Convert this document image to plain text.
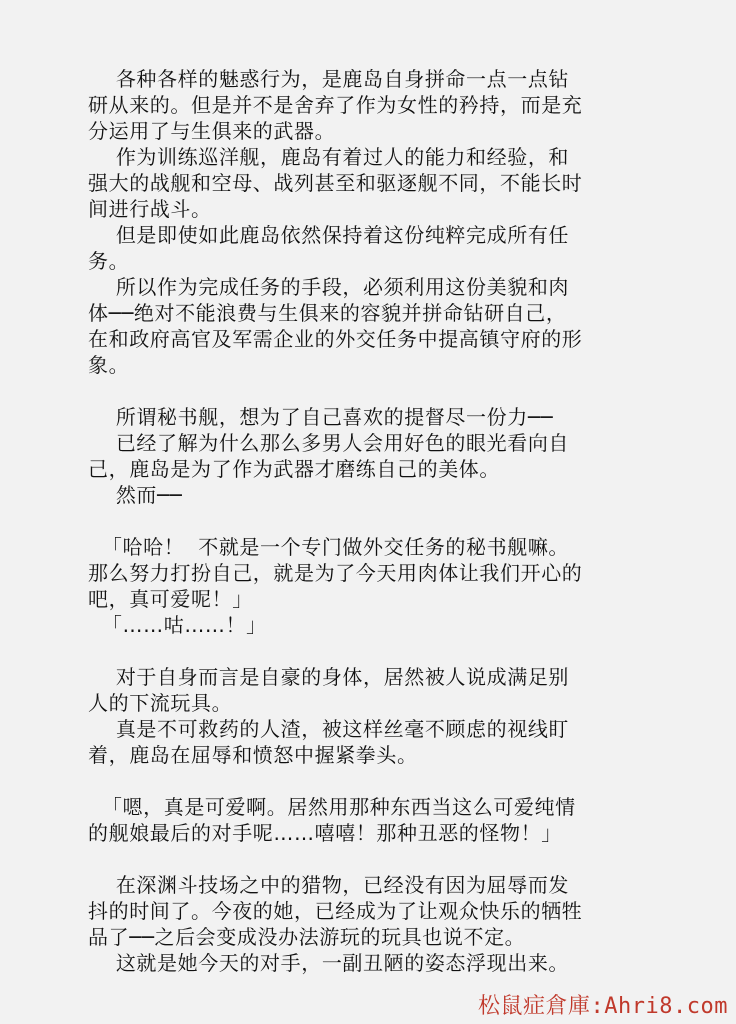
各种各样的魅惑行为，是鹿岛自身拼命一点一点钻
研从来的。但是并不是舍弃了作为女性的矜持，而是充
分运用了与生俱来的武器。
作为训练巡洋舰，鹿岛有着过人的能力和经验，和
强大的战舰和空母、战列甚至和驱逐舰不同，不能长时
间进行战斗。
但是即使如此鹿岛依然保持着这份纯粹完成所有任
务。
所以作为完成任务的手段，必须利用这份美貌和肉
体──绝对不能浪费与生俱来的容貌并拼命钻研自己，
在和政府高官及军需企业的外交任务中提高镇守府的形
象。
所谓秘书舰，想为了自己喜欢的提督尽一份力──
已经了解为什么那么多男人会用好色的眼光看向自
己，鹿岛是为了作为武器才磨练自己的美体。
然而──
「哈哈！  不就是一个专门做外交任务的秘书舰嘛。
那么努力打扮自己，就是为了今天用肉体让我们开心的
吧，真可爱呢！」
「……咕……！」
对于自身而言是自豪的身体，居然被人说成满足别
人的下流玩具。
真是不可救药的人渣，被这样丝毫不顾虑的视线盯
着，鹿岛在屈辱和愤怒中握紧拳头。
「嗯，真是可爱啊。居然用那种东西当这么可爱纯情
的舰娘最后的对手呢……嘻嘻！那种丑恶的怪物！」
在深渊斗技场之中的猎物，已经没有因为屈辱而发
抖的时间了。今夜的她，已经成为了让观众快乐的牺牲
品了──之后会变成没办法游玩的玩具也说不定。
这就是她今天的对手，一副丑陋的姿态浮现出来。
松鼠症倉庫:Ahri8.com
